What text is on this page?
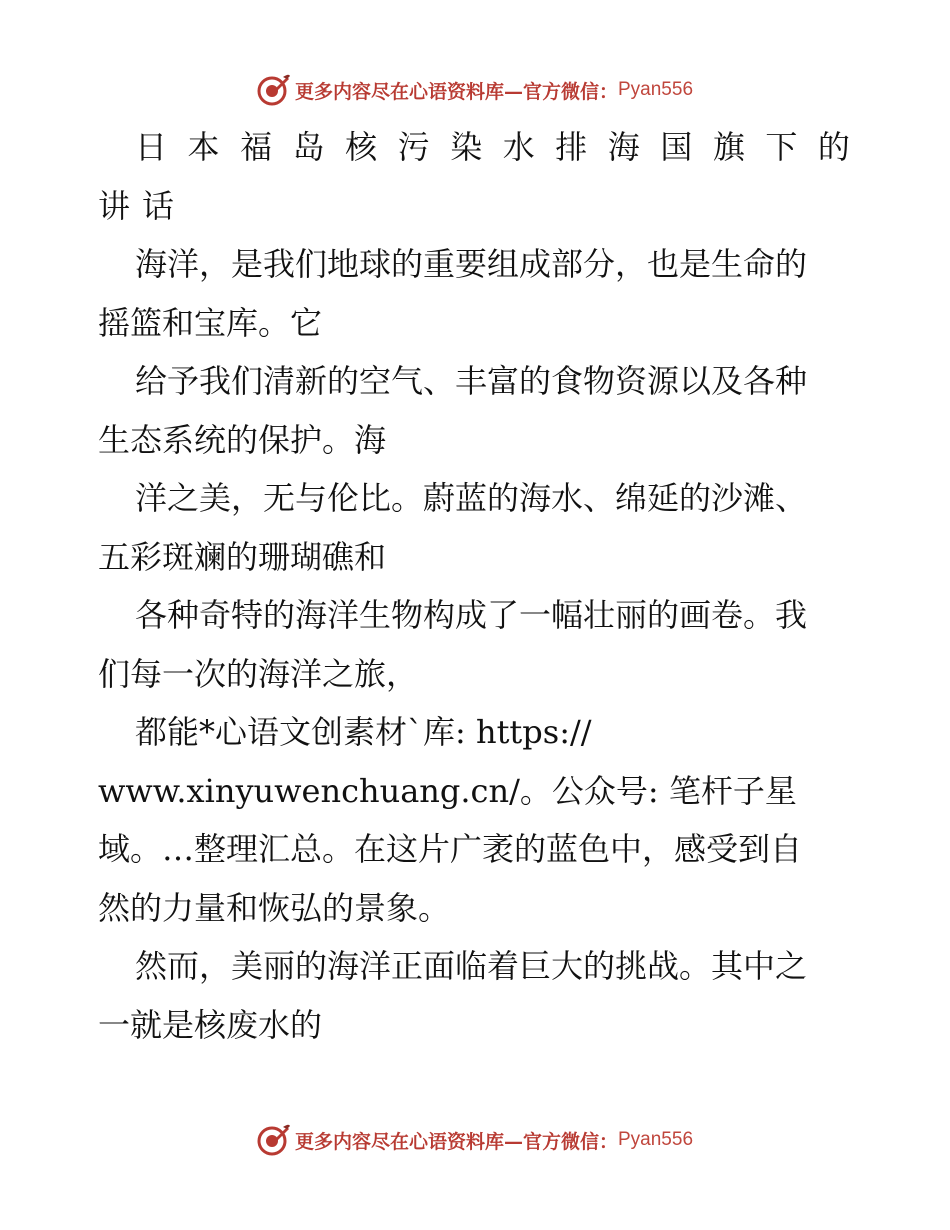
更多内容尽在心语资料库—官方微信： Pyan556
日 本 福 岛 核 污 染 水 排 海 国 旗 下 的
讲话
海洋，是我们地球的重要组成部分，也是生命的
摇篮和宝库。它
给予我们清新的空气、丰富的食物资源以及各种
生态系统的保护。海
洋之美，无与伦比。蔚蓝的海水、绵延的沙滩、
五彩斑斓的珊瑚礁和
各种奇特的海洋生物构成了一幅壮丽的画卷。我
们每一次的海洋之旅，
都能*心语文创素材`库: https://
www.xinyuwenchuang.cn/。公众号: 笔杆子星
域。…整理汇总。在这片广袤的蓝色中，感受到自
然的力量和恢弘的景象。
然而，美丽的海洋正面临着巨大的挑战。其中之
一就是核废水的
更多内容尽在心语资料库—官方微信： Pyan556
